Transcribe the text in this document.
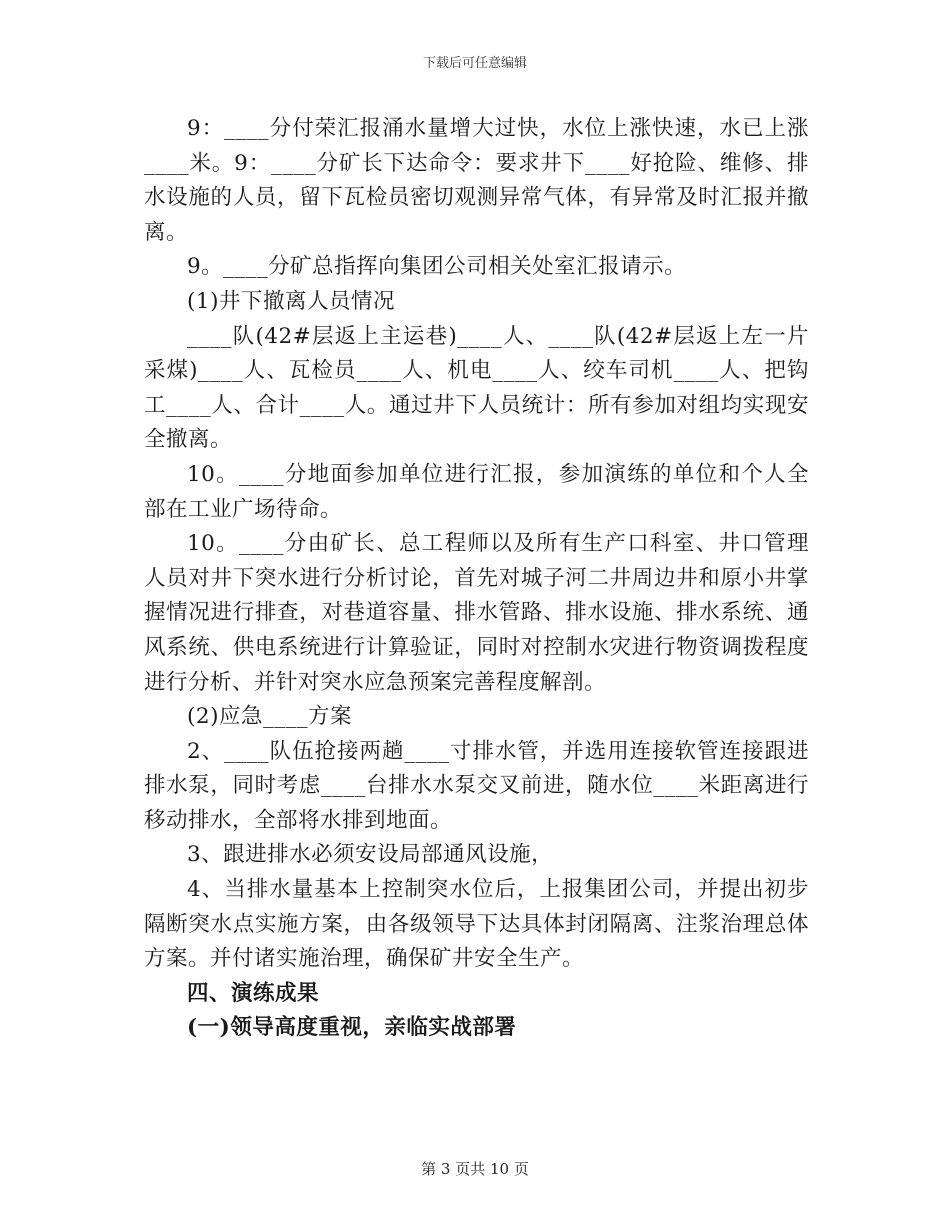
下载后可任意编辑

9：____分付荣汇报涌水量增大过快，水位上涨快速，水已上涨____米。9：____分矿长下达命令：要求井下____好抢险、维修、排水设施的人员，留下瓦检员密切观测异常气体，有异常及时汇报并撤离。

9。____分矿总指挥向集团公司相关处室汇报请示。

(1)井下撤离人员情况

____队(42#层返上主运巷)____人、____队(42#层返上左一片采煤)____人、瓦检员____人、机电____人、绞车司机____人、把钩工____人、合计____人。通过井下人员统计：所有参加对组均实现安全撤离。

10。____分地面参加单位进行汇报，参加演练的单位和个人全部在工业广场待命。

10。____分由矿长、总工程师以及所有生产口科室、井口管理人员对井下突水进行分析讨论，首先对城子河二井周边井和原小井掌握情况进行排查，对巷道容量、排水管路、排水设施、排水系统、通风系统、供电系统进行计算验证，同时对控制水灾进行物资调拨程度进行分析、并针对突水应急预案完善程度解剖。

(2)应急____方案

2、____队伍抢接两趟____寸排水管，并选用连接软管连接跟进排水泵，同时考虑____台排水水泵交叉前进，随水位____米距离进行移动排水，全部将水排到地面。

3、跟进排水必须安设局部通风设施，

4、当排水量基本上控制突水位后，上报集团公司，并提出初步隔断突水点实施方案，由各级领导下达具体封闭隔离、注浆治理总体方案。并付诸实施治理，确保矿井安全生产。

四、演练成果

(一)领导高度重视，亲临实战部署

第 3 页共 10 页
